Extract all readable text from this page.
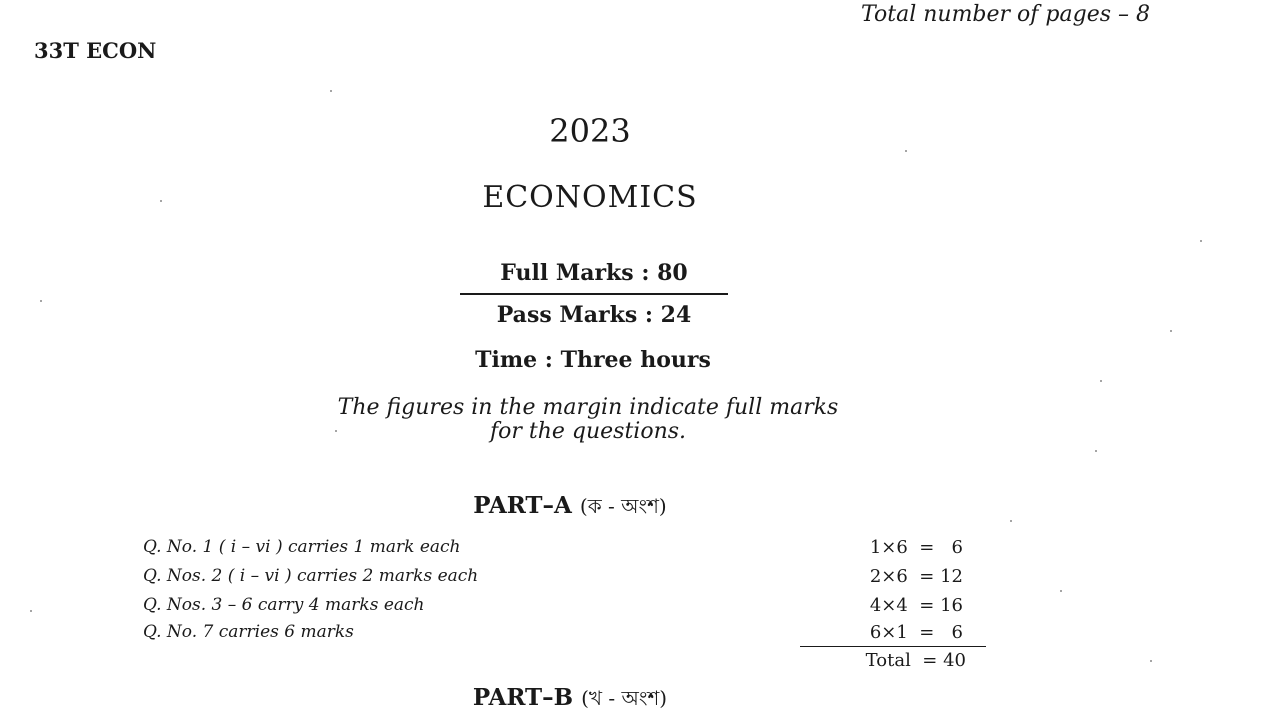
Total number of pages – 8
33T ECON
2023
ECONOMICS
Full Marks : 80
Pass Marks : 24
Time : Three hours
The figures in the margin indicate full marks
for the questions.
PART–A (ক - অংশ)
Q. No. 1 ( i – vi ) carries 1 mark each	1×6  =   6
Q. Nos. 2 ( i – vi ) carries 2 marks each	2×6  = 12
Q. Nos. 3 – 6 carry 4 marks each	4×4  = 16
Q. No. 7 carries 6 marks	6×1  =   6
Total  = 40
PART–B (খ - অংশ)
